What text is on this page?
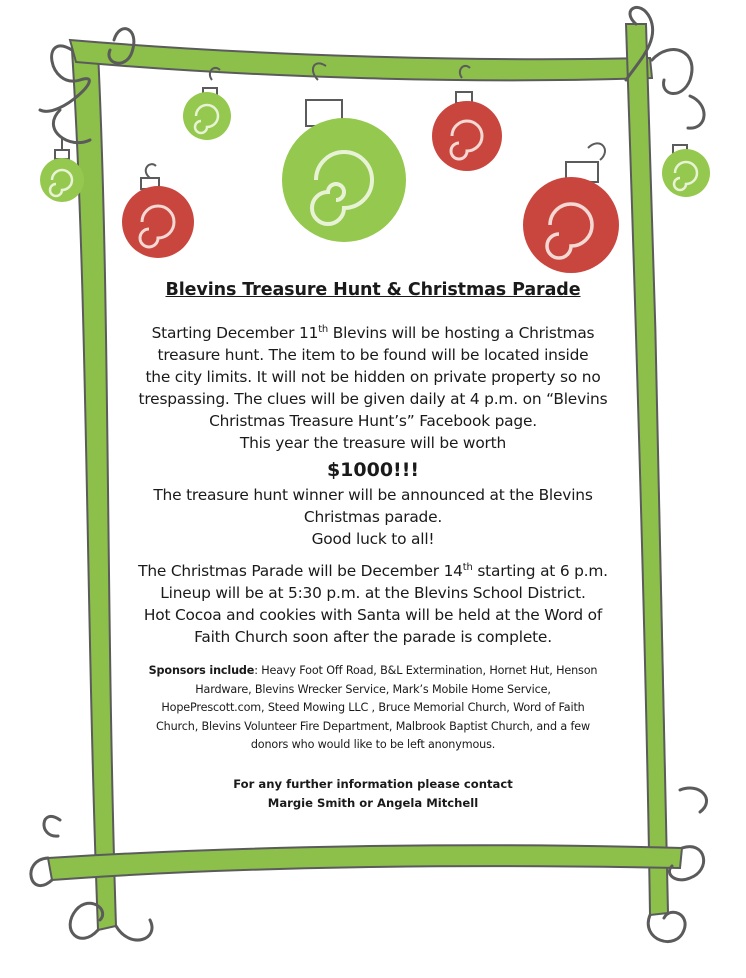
Blevins Treasure Hunt & Christmas Parade

Starting December 11th Blevins will be hosting a Christmas

treasure hunt. The item to be found will be located inside

the city limits. It will not be hidden on private property so no

trespassing. The clues will be given daily at 4 p.m. on “Blevins

Christmas Treasure Hunt’s” Facebook page.

This year the treasure will be worth

$1000!!!

The treasure hunt winner will be announced at the Blevins

Christmas parade.

Good luck to all!

The Christmas Parade will be December 14th starting at 6 p.m.

Lineup will be at 5:30 p.m. at the Blevins School District.

Hot Cocoa and cookies with Santa will be held at the Word of

Faith Church soon after the parade is complete.

Sponsors include: Heavy Foot Off Road, B&L Extermination, Hornet Hut, Henson
Hardware, Blevins Wrecker Service, Mark’s Mobile Home Service,
HopePrescott.com, Steed Mowing LLC , Bruce Memorial Church, Word of Faith
Church, Blevins Volunteer Fire Department, Malbrook Baptist Church, and a few
donors who would like to be left anonymous.
For any further information please contact
Margie Smith or Angela Mitchell
